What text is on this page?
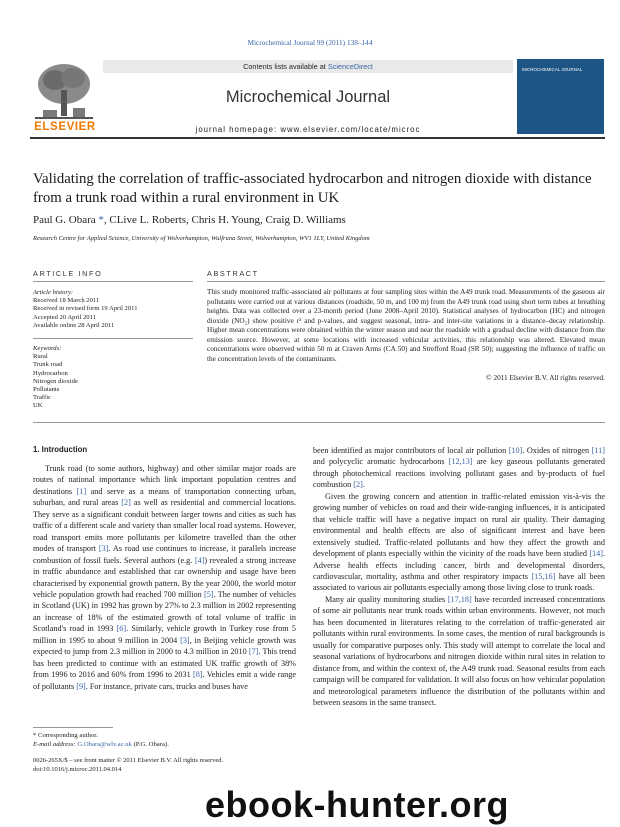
Microchemical Journal 99 (2011) 138–144
ELSEVIER
Contents lists available at ScienceDirect
Microchemical Journal
journal homepage: www.elsevier.com/locate/microc
MICROCHEMICAL JOURNAL
Validating the correlation of traffic-associated hydrocarbon and nitrogen dioxide with distance from a trunk road within a rural environment in UK
Paul G. Obara *, CLive L. Roberts, Chris H. Young, Craig D. Williams
Research Centre for Applied Science, University of Wolverhampton, Wulfruna Street, Wolverhampton, WV1 1LY, United Kingdom
ARTICLE INFO	ABSTRACT
Article history:
Received 18 March 2011
Received in revised form 19 April 2011
Accepted 20 April 2011
Available online 28 April 2011
Keywords:
Rural
Trunk road
Hydrocarbon
Nitrogen dioxide
Pollutants
Traffic
UK
This study monitored traffic-associated air pollutants at four sampling sites within the A49 trunk road. Measurements of the gaseous air pollutants were carried out at various distances (roadside, 50 m, and 100 m) from the A49 trunk road using short term tubes at breathing heights. Data was collected over a 23-month period (June 2008–April 2010). Statistical analyses of hydrocarbon (HC) and nitrogen dioxide (NO₂) show positive r² and p-values, and suggest seasonal, intra- and inter-site variations in a distance–decay relationship. Higher mean concentrations were obtained within the winter season and near the roadside with a gradual decline with distance from the emission source. However, at some locations with increased vehicular activities, this relationship was altered. Elevated mean concentrations were observed within 50 m at Craven Arms (CA 50) and Strefford Road (SR 50); suggesting the influence of traffic on the concentration levels of the contaminants.
© 2011 Elsevier B.V. All rights reserved.
1. Introduction

Trunk road (to some authors, highway) and other similar major roads are routes of national importance which link important population centres and destinations [1] and serve as a means of transportation connecting urban, suburban, and rural areas [2] as well as residential and commercial locations. They serve as a significant conduit between larger towns and cities as such has traffic of a different scale and variety than smaller local road systems. However, road transport emits more pollutants per kilometre travelled than the other modes of transport [3]. As road use continues to increase, it parallels increase combustion of fossil fuels. Several authors (e.g. [4]) revealed a strong increase in traffic abundance and established that car ownership and usage have been characterised by exponential growth pattern. By the year 2000, the world motor vehicle population growth had reached 700 million [5]. The number of vehicles in Scotland (UK) in 1992 has grown by 27% to 2.3 million in 2002 representing an increase of 18% of the estimated growth of total volume of traffic in Scotland's road in 1993 [6]. Similarly, vehicle growth in Turkey rose from 5 million in 1995 to about 9 million in 2004 [3], in Beijing vehicle growth was expected to jump from 2.3 million in 2000 to 4.3 million in 2010 [7]. This trend has been predicted to continue with an estimated UK traffic growth of 38% from 1996 to 2016 and 60% from 1996 to 2031 [8]. Vehicles emit a wide range of pollutants [9]. For instance, private cars, trucks and buses have

been identified as major contributors of local air pollution [10]. Oxides of nitrogen [11] and polycyclic aromatic hydrocarbons [12,13] are key gaseous pollutants generated through photochemical reactions involving pollutant gases and by-products of fuel combustion [2].

Given the growing concern and attention in traffic-related emission vis-à-vis the growing number of vehicles on road and their wide-ranging influences, it is anticipated that vehicle traffic will have a negative impact on rural air quality. Their damaging environmental and health effects are also of significant interest and have been extensively studied. Traffic-related pollutants and how they affect the growth and development of plants especially within the vicinity of the roads have been studied [14]. Adverse health effects including cancer, birth and developmental disorders, cardiovascular, mortality, asthma and other respiratory impacts [15,16] have all been associated to various air pollutants especially among those living close to trunk roads.

Many air quality monitoring studies [17,18] have recorded increased concentrations of some air pollutants near trunk roads within urban environments. However, not much has been documented in literatures relating to the correlation of traffic-generated air pollutants within rural environments. In some cases, the mention of rural backgrounds is usually for comparative purposes only. This study will attempt to correlate the local and seasonal variations of hydrocarbons and nitrogen dioxide within rural sites in relation to distance from, and within the context of, the A49 trunk road. Seasonal results from each campaign will be compared for validation. It will also focus on how vehicular population and meteorological parameters influence the distribution of the pollutants within and between seasons in the same transect.

* Corresponding author.
E-mail address: G.Obara@wlv.ac.uk (P.G. Obara).
0026-265X/$ – see front matter © 2011 Elsevier B.V. All rights reserved.
doi:10.1016/j.microc.2011.04.014
ebook-hunter.org
